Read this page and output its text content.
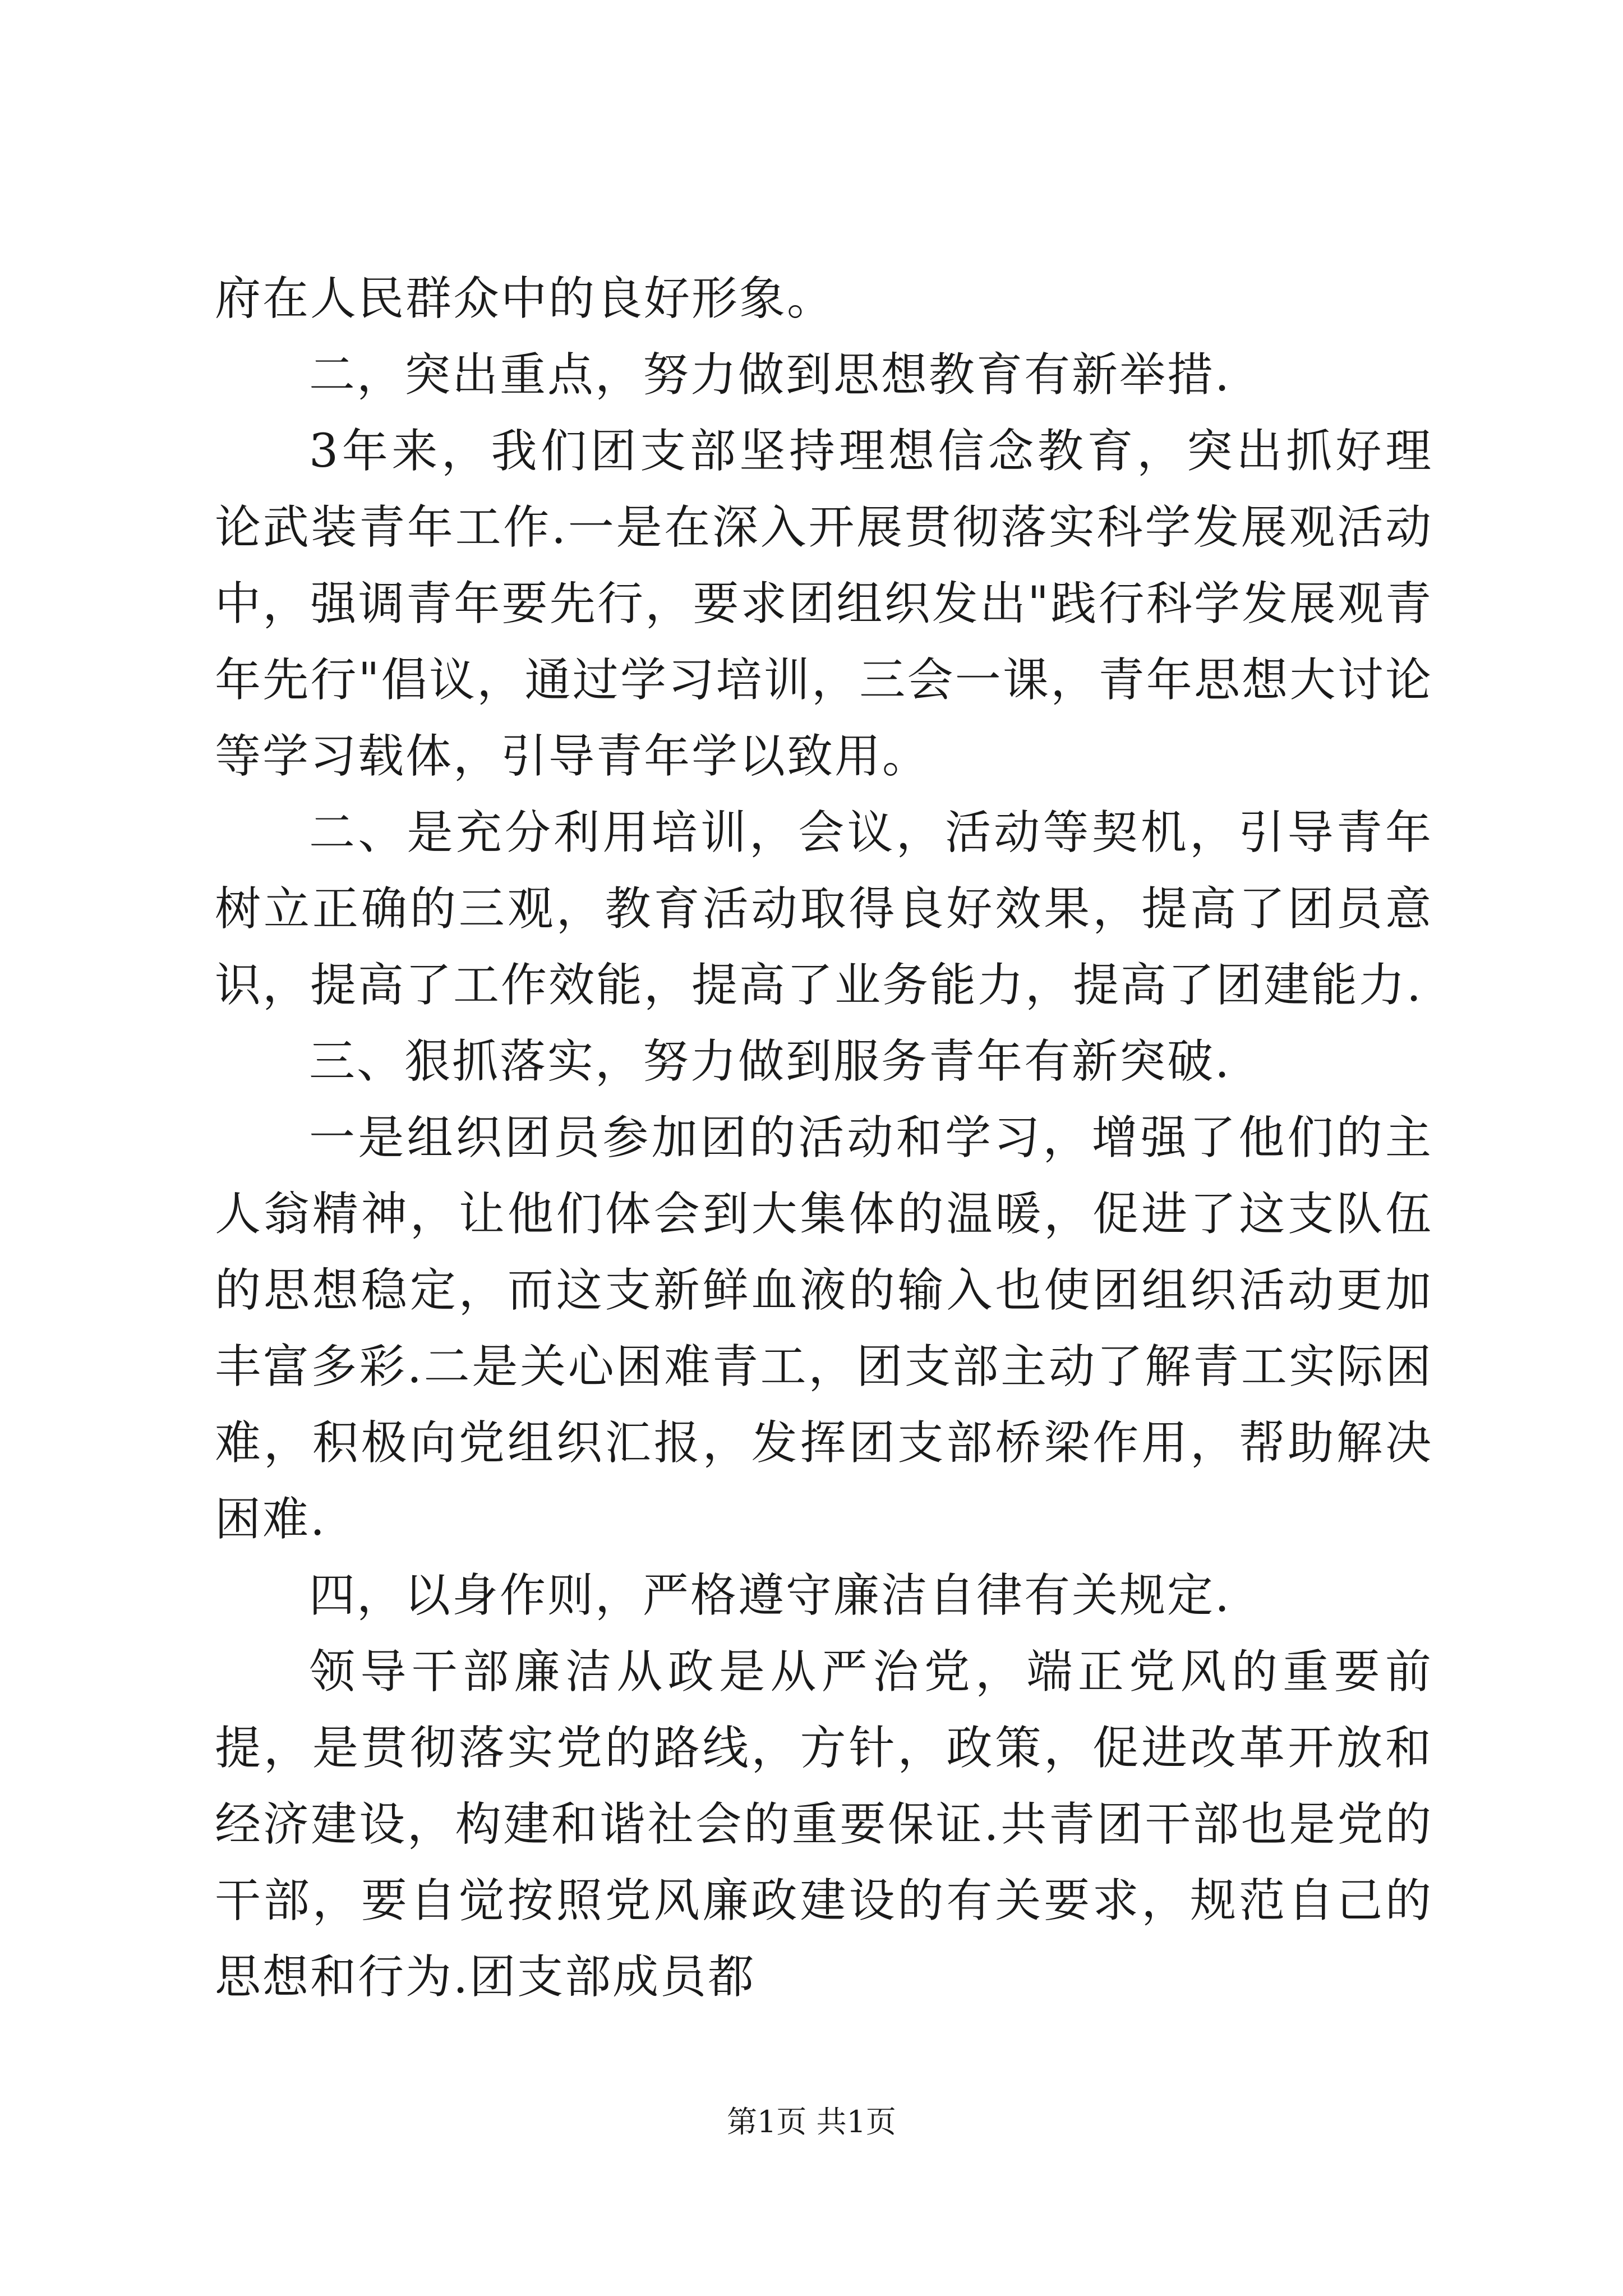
府在人民群众中的良好形象。

二，突出重点，努力做到思想教育有新举措.

3年来，我们团支部坚持理想信念教育，突出抓好理论武装青年工作.一是在深入开展贯彻落实科学发展观活动中，强调青年要先行，要求团组织发出"践行科学发展观青年先行"倡议，通过学习培训，三会一课，青年思想大讨论等学习载体，引导青年学以致用。

二、是充分利用培训，会议，活动等契机，引导青年树立正确的三观，教育活动取得良好效果，提高了团员意识，提高了工作效能，提高了业务能力，提高了团建能力.

三、狠抓落实，努力做到服务青年有新突破.

一是组织团员参加团的活动和学习，增强了他们的主人翁精神，让他们体会到大集体的温暖，促进了这支队伍的思想稳定，而这支新鲜血液的输入也使团组织活动更加丰富多彩.二是关心困难青工，团支部主动了解青工实际困难，积极向党组织汇报，发挥团支部桥梁作用，帮助解决困难.

四，以身作则，严格遵守廉洁自律有关规定.

领导干部廉洁从政是从严治党，端正党风的重要前提，是贯彻落实党的路线，方针，政策，促进改革开放和经济建设，构建和谐社会的重要保证.共青团干部也是党的干部，要自觉按照党风廉政建设的有关要求，规范自己的思想和行为.团支部成员都

第1页 共1页
